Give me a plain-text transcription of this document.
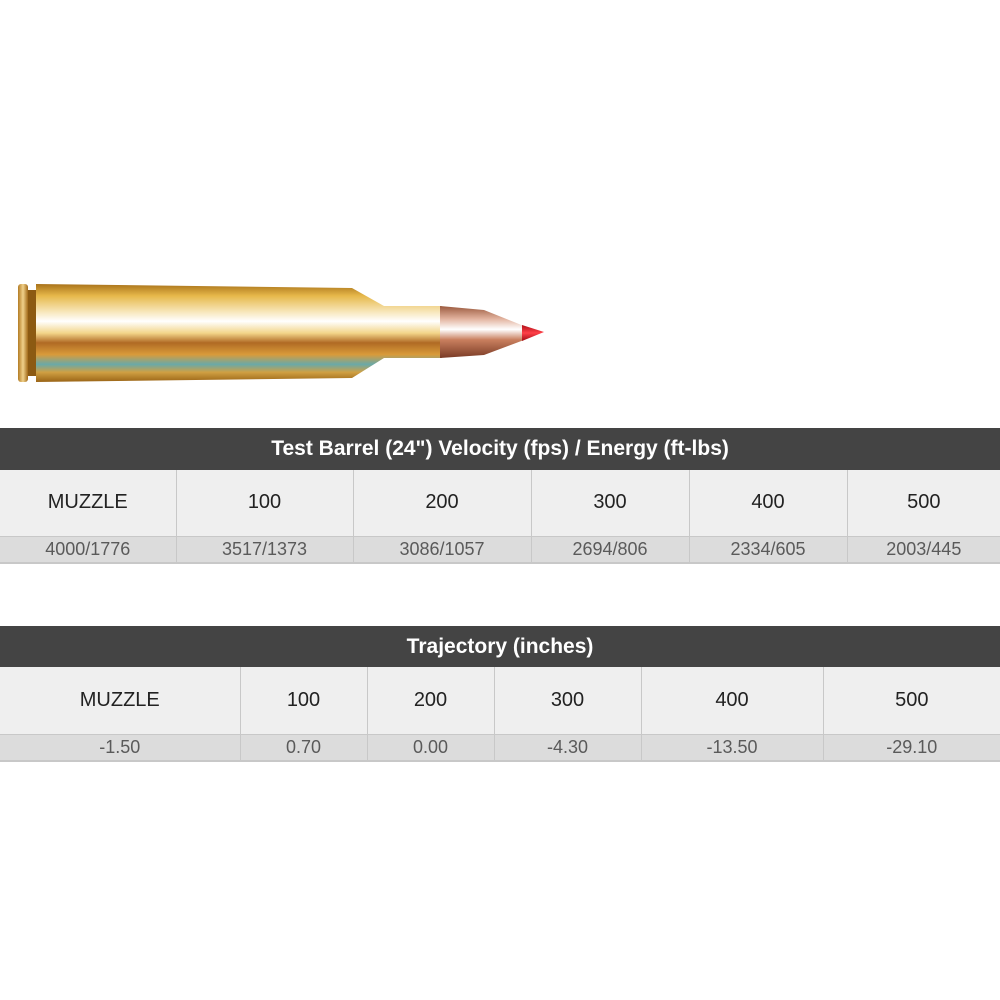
Test Barrel (24") Velocity (fps) / Energy (ft-lbs)					
MUZZLE	100	200	300	400	500
4000/1776	3517/1373	3086/1057	2694/806	2334/605	2003/445
Trajectory (inches)					
MUZZLE	100	200	300	400	500
-1.50	0.70	0.00	-4.30	-13.50	-29.10
